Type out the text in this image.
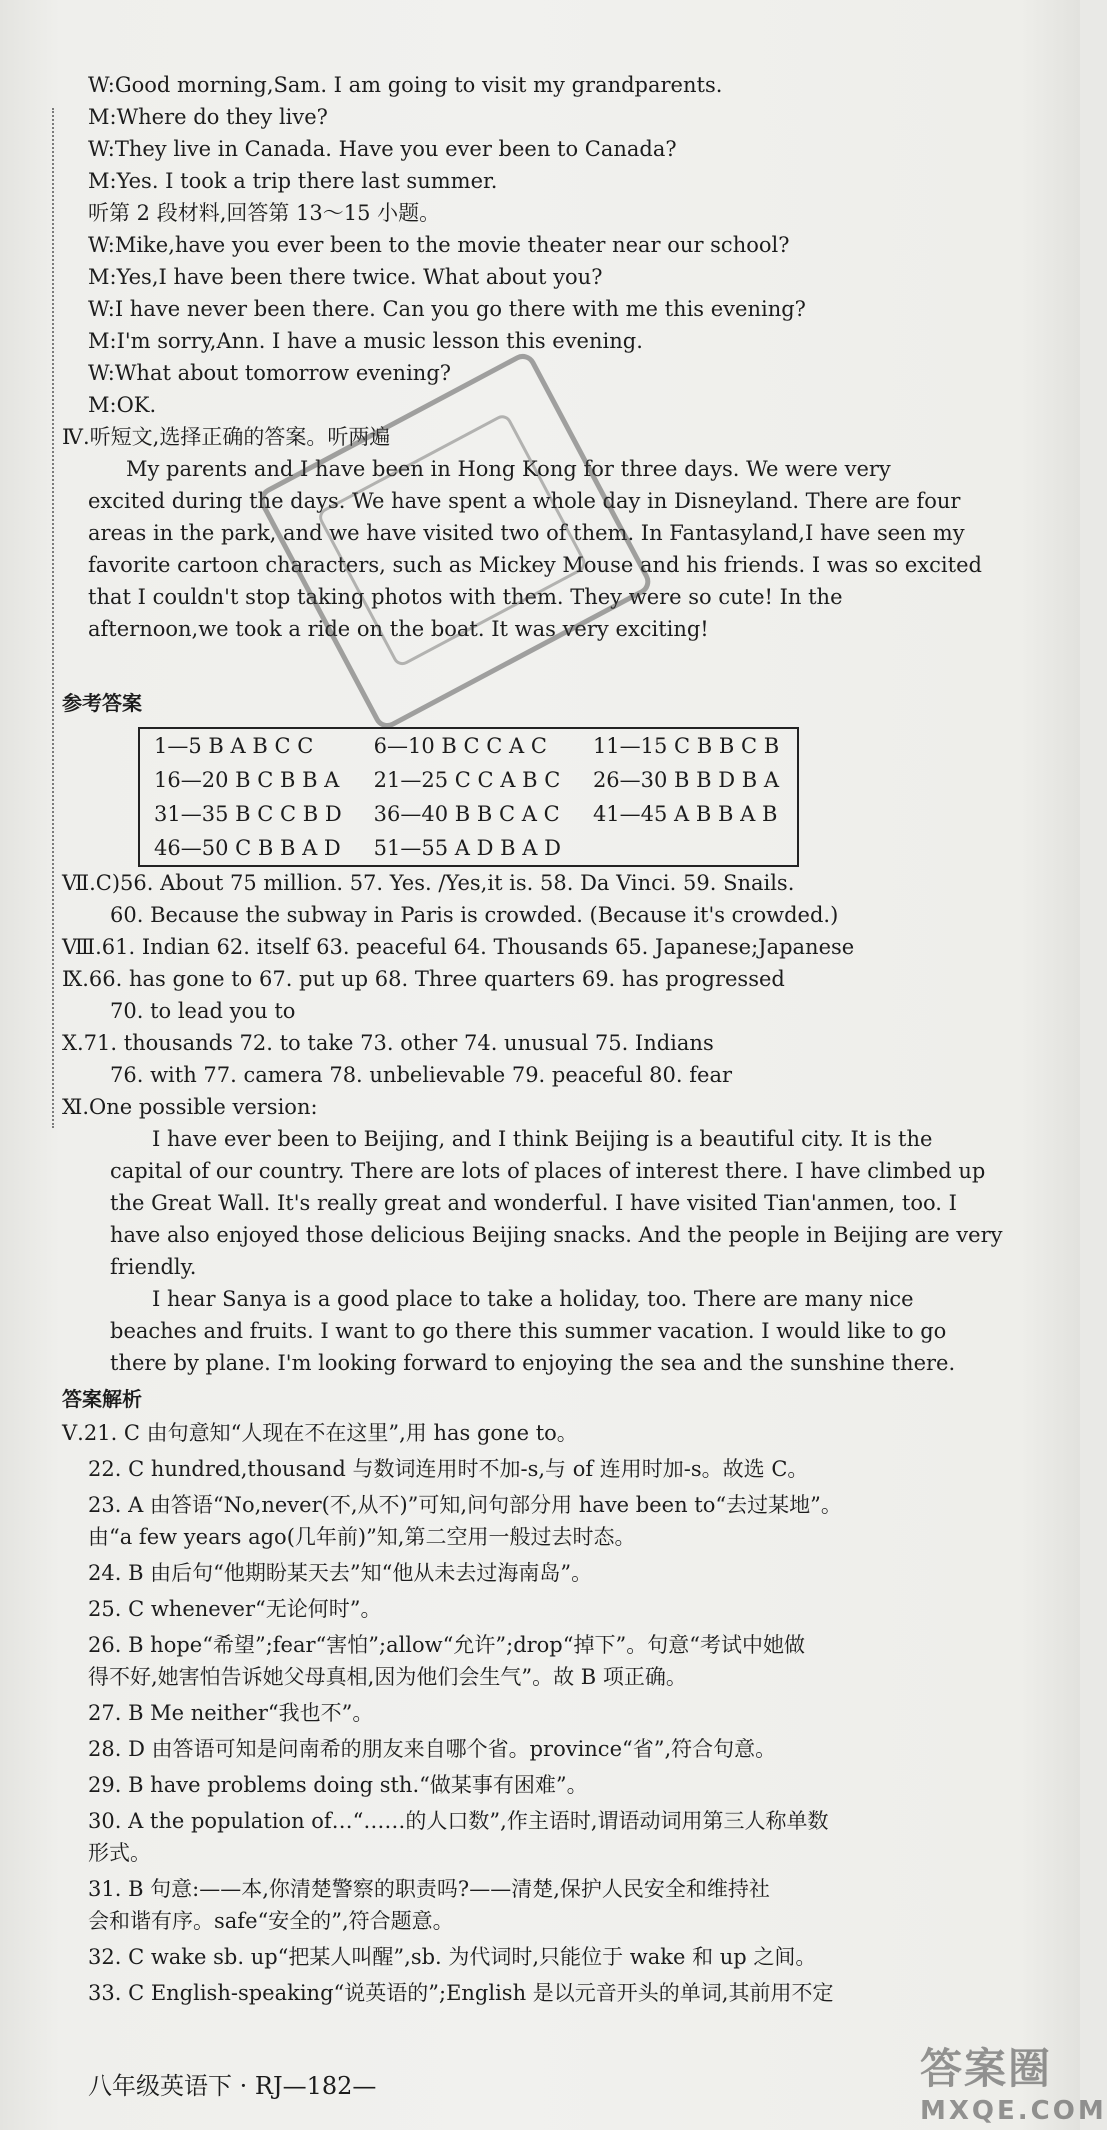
W:Good morning,Sam. I am going to visit my grandparents.
M:Where do they live?
W:They live in Canada. Have you ever been to Canada?
M:Yes. I took a trip there last summer.
听第 2 段材料,回答第 13～15 小题。
W:Mike,have you ever been to the movie theater near our school?
M:Yes,I have been there twice. What about you?
W:I have never been there. Can you go there with me this evening?
M:I'm sorry,Ann. I have a music lesson this evening.
W:What about tomorrow evening?
M:OK.
Ⅳ.听短文,选择正确的答案。听两遍
My parents and I have been in Hong Kong for three days. We were very
excited during the days. We have spent a whole day in Disneyland. There are four
areas in the park, and we have visited two of them. In Fantasyland,I have seen my
favorite cartoon characters, such as Mickey Mouse and his friends. I was so excited
that I couldn't stop taking photos with them. They were so cute! In the
afternoon,we took a ride on the boat. It was very exciting!
参考答案
1—5 B A B C C	6—10 B C C A C	11—15 C B B C B
16—20 B C B B A	21—25 C C A B C	26—30 B B D B A
31—35 B C C B D	36—40 B B C A C	41—45 A B B A B
46—50 C B B A D	51—55 A D B A D	
Ⅶ.C)56. About 75 million. 57. Yes. /Yes,it is. 58. Da Vinci. 59. Snails.
60. Because the subway in Paris is crowded. (Because it's crowded.)
Ⅷ.61. Indian 62. itself 63. peaceful 64. Thousands 65. Japanese;Japanese
Ⅸ.66. has gone to 67. put up 68. Three quarters 69. has progressed
70. to lead you to
Ⅹ.71. thousands 72. to take 73. other 74. unusual 75. Indians
76. with 77. camera 78. unbelievable 79. peaceful 80. fear
Ⅺ.One possible version:
I have ever been to Beijing, and I think Beijing is a beautiful city. It is the
capital of our country. There are lots of places of interest there. I have climbed up
the Great Wall. It's really great and wonderful. I have visited Tian'anmen, too. I
have also enjoyed those delicious Beijing snacks. And the people in Beijing are very
friendly.
I hear Sanya is a good place to take a holiday, too. There are many nice
beaches and fruits. I want to go there this summer vacation. I would like to go
there by plane. I'm looking forward to enjoying the sea and the sunshine there.
答案解析
Ⅴ.21. C 由句意知“人现在不在这里”,用 has gone to。
22. C hundred,thousand 与数词连用时不加-s,与 of 连用时加-s。故选 C。
23. A 由答语“No,never(不,从不)”可知,问句部分用 have been to“去过某地”。
由“a few years ago(几年前)”知,第二空用一般过去时态。
24. B 由后句“他期盼某天去”知“他从未去过海南岛”。
25. C whenever“无论何时”。
26. B hope“希望”;fear“害怕”;allow“允许”;drop“掉下”。句意“考试中她做
得不好,她害怕告诉她父母真相,因为他们会生气”。故 B 项正确。
27. B Me neither“我也不”。
28. D 由答语可知是问南希的朋友来自哪个省。province“省”,符合句意。
29. B have problems doing sth.“做某事有困难”。
30. A the population of…“……的人口数”,作主语时,谓语动词用第三人称单数
形式。
31. B 句意:——本,你清楚警察的职责吗?——清楚,保护人民安全和维持社
会和谐有序。safe“安全的”,符合题意。
32. C wake sb. up“把某人叫醒”,sb. 为代词时,只能位于 wake 和 up 之间。
33. C English-speaking“说英语的”;English 是以元音开头的单词,其前用不定
八年级英语下 · RJ—182—	答案圈
MXQE.COM
